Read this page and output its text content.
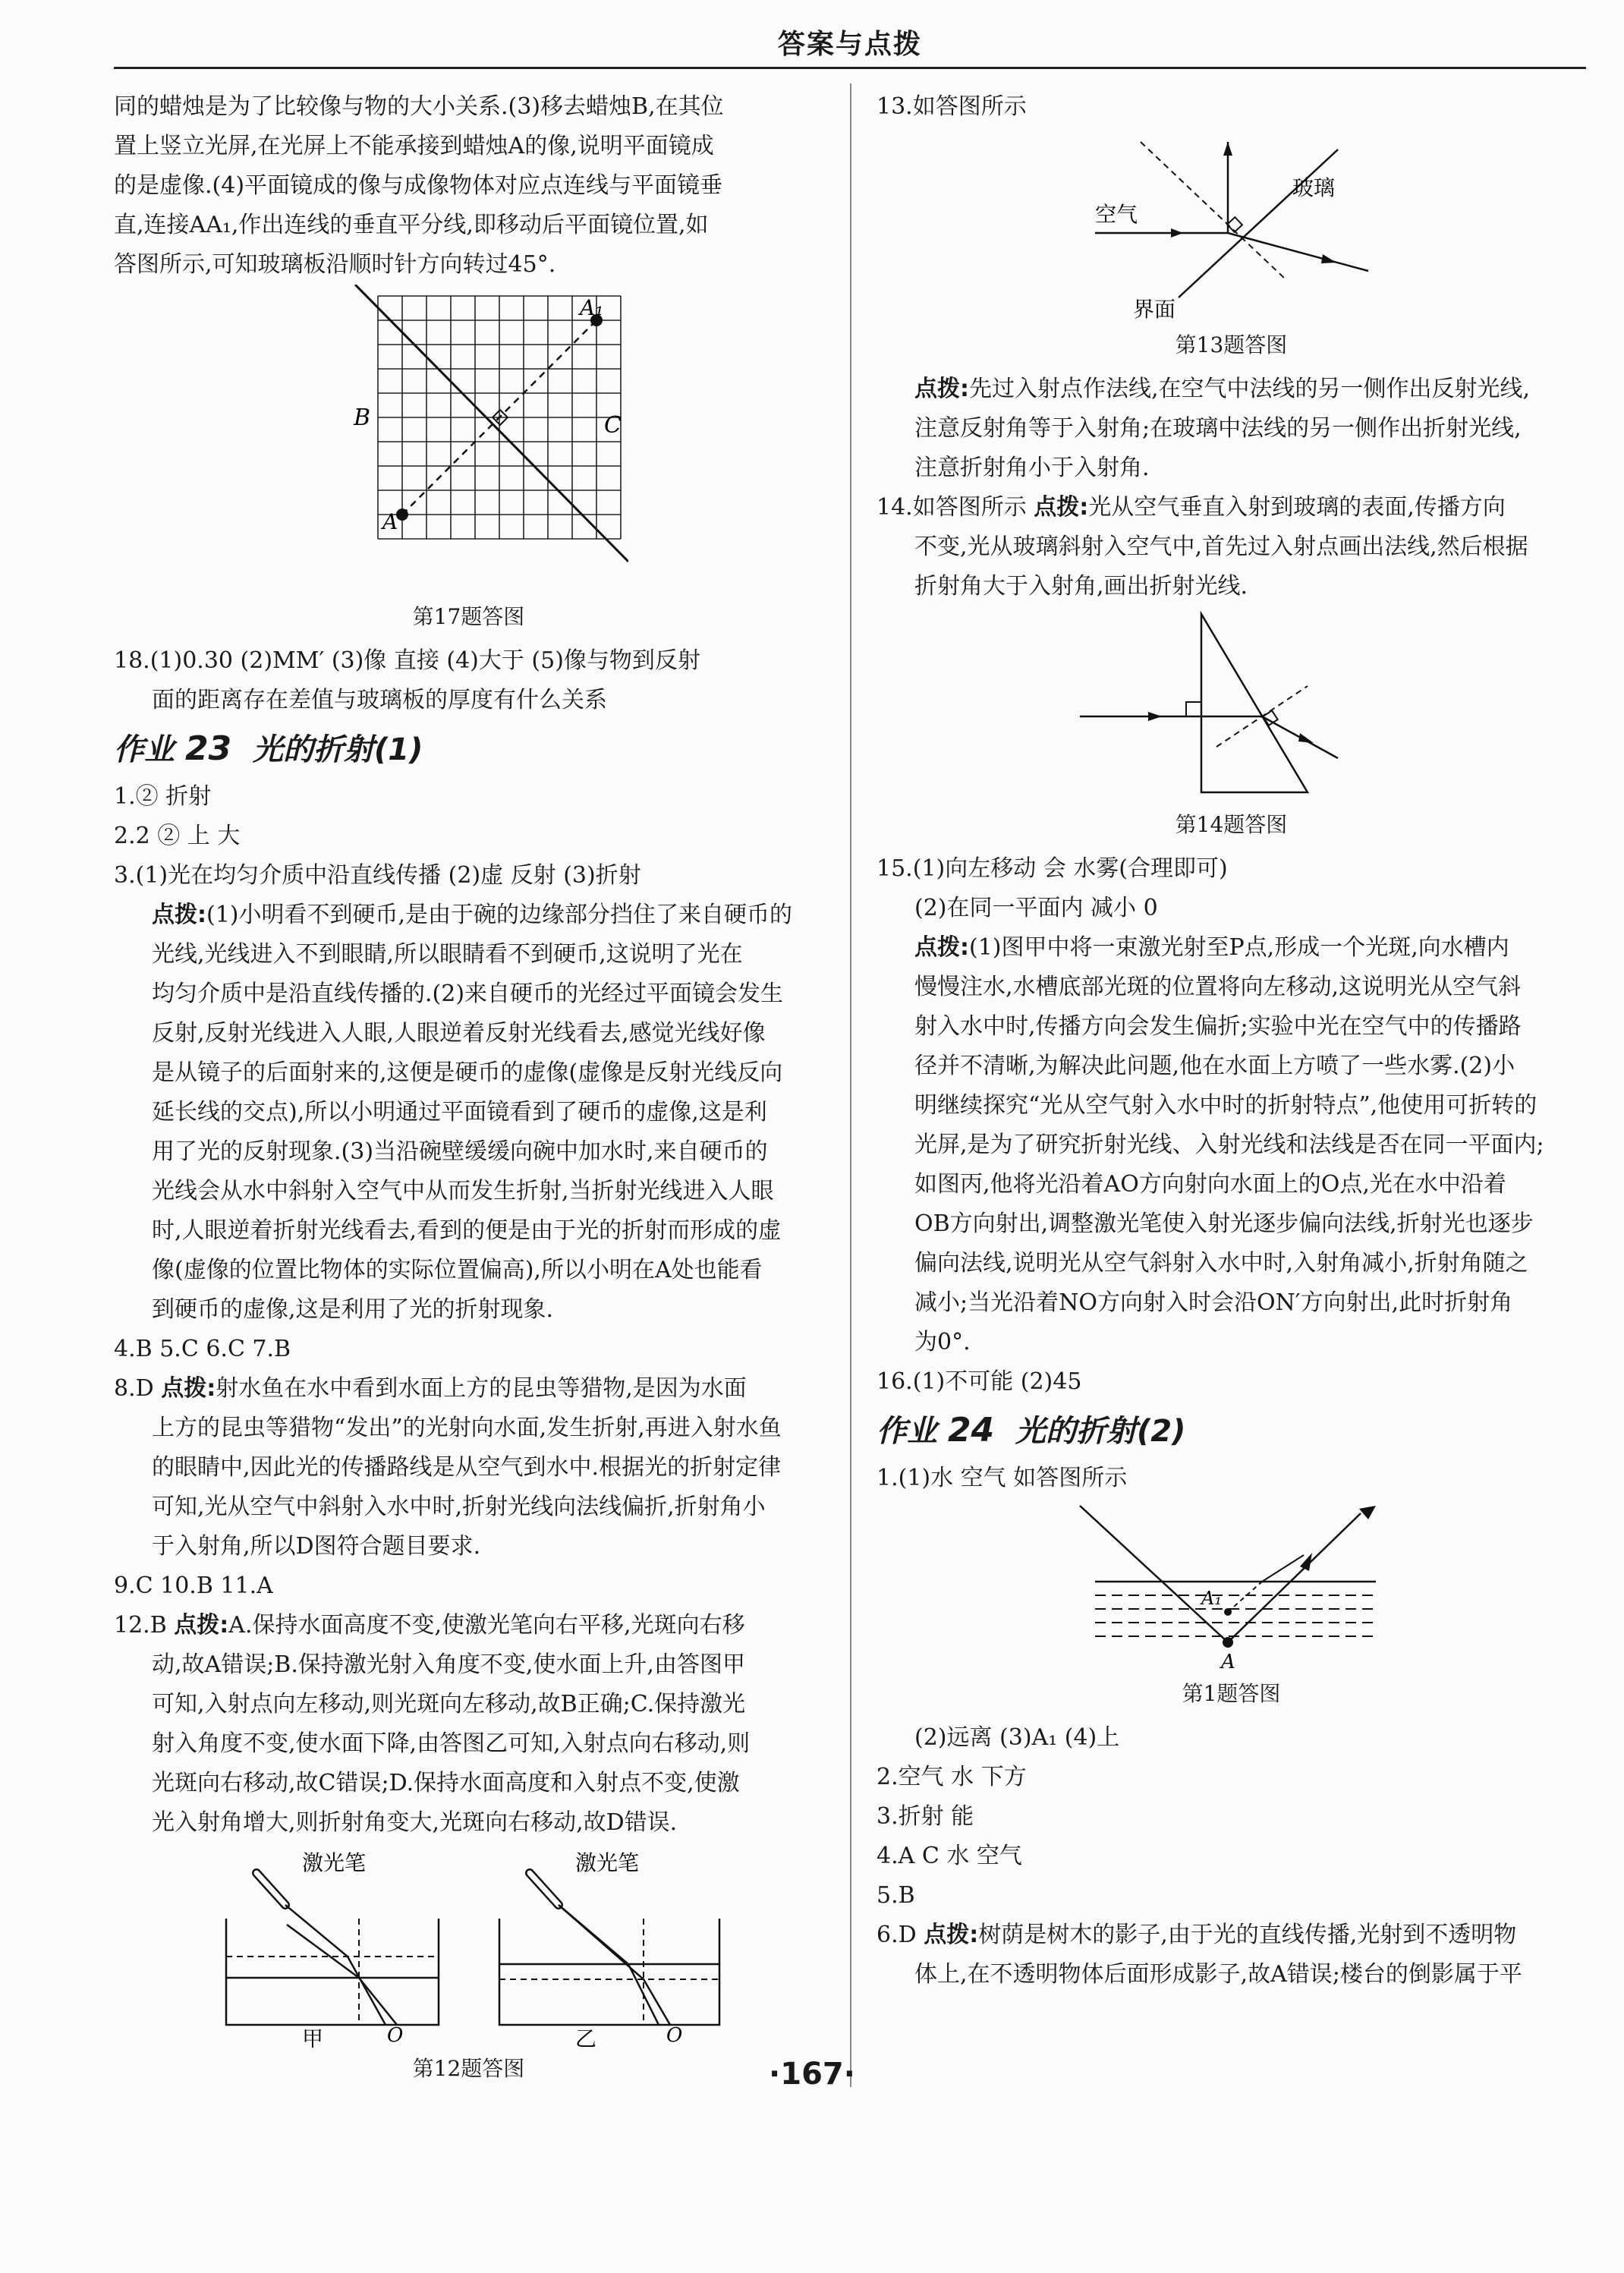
答案与点拨

同的蜡烛是为了比较像与物的大小关系.(3)移去蜡烛B,在其位

置上竖立光屏,在光屏上不能承接到蜡烛A的像,说明平面镜成

的是虚像.(4)平面镜成的像与成像物体对应点连线与平面镜垂

直,连接AA₁,作出连线的垂直平分线,即移动后平面镜位置,如

答图所示,可知玻璃板沿顺时针方向转过45°.

A₁
A
B	C
第17题答图

18.(1)0.30 (2)MM′ (3)像 直接 (4)大于 (5)像与物到反射

面的距离存在差值与玻璃板的厚度有什么关系

作业 23 光的折射(1)

1.② 折射

2.2 ② 上 大

3.(1)光在均匀介质中沿直线传播 (2)虚 反射 (3)折射

点拨:(1)小明看不到硬币,是由于碗的边缘部分挡住了来自硬币的

光线,光线进入不到眼睛,所以眼睛看不到硬币,这说明了光在

均匀介质中是沿直线传播的.(2)来自硬币的光经过平面镜会发生

反射,反射光线进入人眼,人眼逆着反射光线看去,感觉光线好像

是从镜子的后面射来的,这便是硬币的虚像(虚像是反射光线反向

延长线的交点),所以小明通过平面镜看到了硬币的虚像,这是利

用了光的反射现象.(3)当沿碗壁缓缓向碗中加水时,来自硬币的

光线会从水中斜射入空气中从而发生折射,当折射光线进入人眼

时,人眼逆着折射光线看去,看到的便是由于光的折射而形成的虚

像(虚像的位置比物体的实际位置偏高),所以小明在A处也能看

到硬币的虚像,这是利用了光的折射现象.

4.B 5.C 6.C 7.B

8.D 点拨:射水鱼在水中看到水面上方的昆虫等猎物,是因为水面

上方的昆虫等猎物“发出”的光射向水面,发生折射,再进入射水鱼

的眼睛中,因此光的传播路线是从空气到水中.根据光的折射定律

可知,光从空气中斜射入水中时,折射光线向法线偏折,折射角小

于入射角,所以D图符合题目要求.

9.C 10.B 11.A

12.B 点拨:A.保持水面高度不变,使激光笔向右平移,光斑向右移

动,故A错误;B.保持激光射入角度不变,使水面上升,由答图甲

可知,入射点向左移动,则光斑向左移动,故B正确;C.保持激光

射入角度不变,使水面下降,由答图乙可知,入射点向右移动,则

光斑向右移动,故C错误;D.保持水面高度和入射点不变,使激

光入射角增大,则折射角变大,光斑向右移动,故D错误.

激光笔
甲	O
激光笔
乙	O
第12题答图

13.如答图所示

玻璃
空气
界面
第13题答图

点拨:先过入射点作法线,在空气中法线的另一侧作出反射光线,

注意反射角等于入射角;在玻璃中法线的另一侧作出折射光线,

注意折射角小于入射角.

14.如答图所示 点拨:光从空气垂直入射到玻璃的表面,传播方向

不变,光从玻璃斜射入空气中,首先过入射点画出法线,然后根据

折射角大于入射角,画出折射光线.

第14题答图

15.(1)向左移动 会 水雾(合理即可)

(2)在同一平面内 减小 0

点拨:(1)图甲中将一束激光射至P点,形成一个光斑,向水槽内

慢慢注水,水槽底部光斑的位置将向左移动,这说明光从空气斜

射入水中时,传播方向会发生偏折;实验中光在空气中的传播路

径并不清晰,为解决此问题,他在水面上方喷了一些水雾.(2)小

明继续探究“光从空气射入水中时的折射特点”,他使用可折转的

光屏,是为了研究折射光线、入射光线和法线是否在同一平面内;

如图丙,他将光沿着AO方向射向水面上的O点,光在水中沿着

OB方向射出,调整激光笔使入射光逐步偏向法线,折射光也逐步

偏向法线,说明光从空气斜射入水中时,入射角减小,折射角随之

减小;当光沿着NO方向射入时会沿ON′方向射出,此时折射角

为0°.

16.(1)不可能 (2)45

作业 24 光的折射(2)

1.(1)水 空气 如答图所示

A₁
A
第1题答图

(2)远离 (3)A₁ (4)上

2.空气 水 下方

3.折射 能

4.A C 水 空气

5.B

6.D 点拨:树荫是树木的影子,由于光的直线传播,光射到不透明物

体上,在不透明物体后面形成影子,故A错误;楼台的倒影属于平

·167·
